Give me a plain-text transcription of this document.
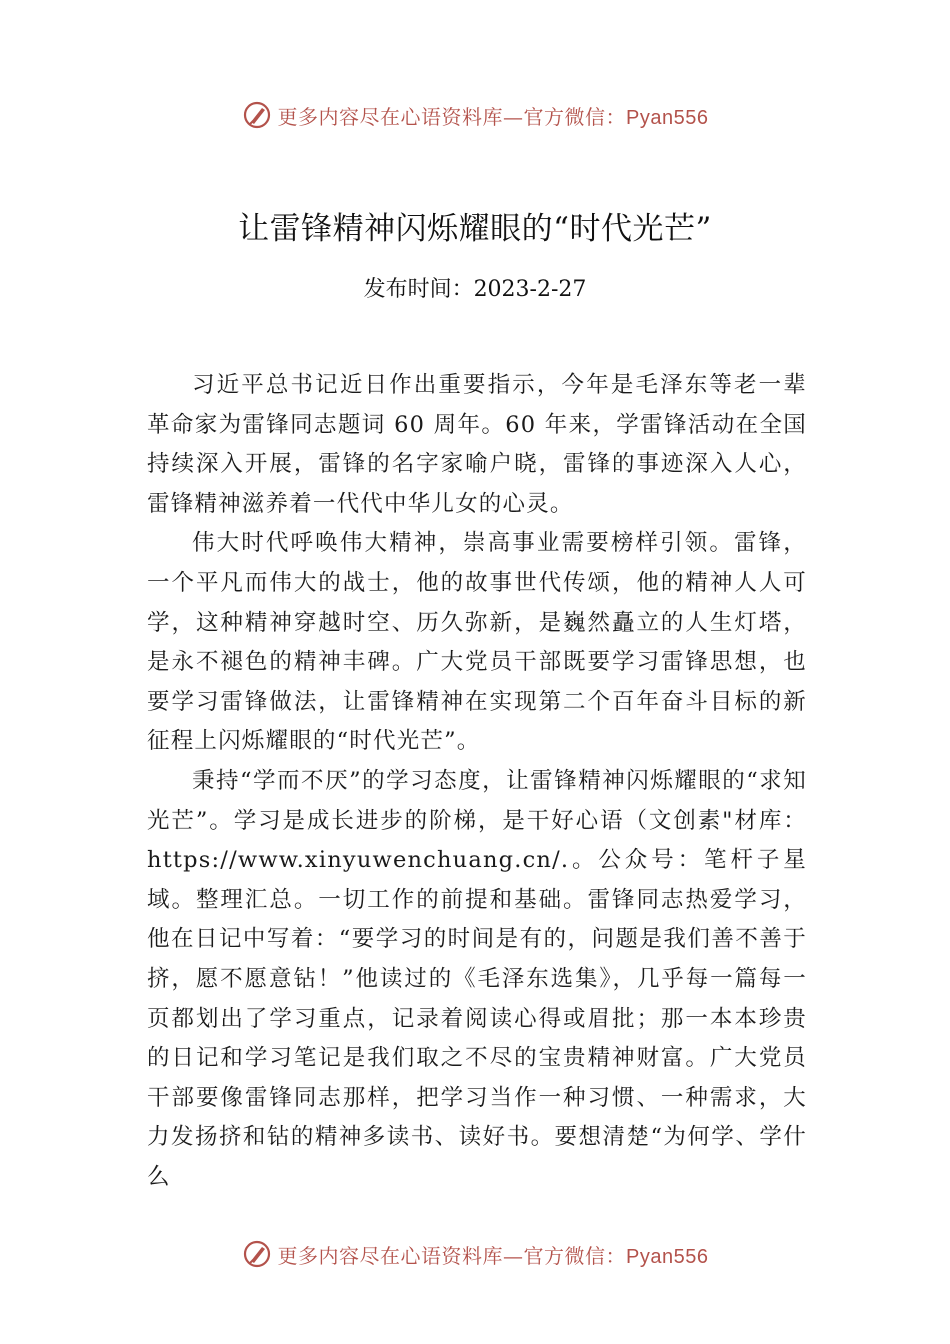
更多内容尽在心语资料库—官方微信：Pyan556
让雷锋精神闪烁耀眼的“时代光芒”
发布时间：2023-2-27

习近平总书记近日作出重要指示，今年是毛泽东等老一辈革命家为雷锋同志题词 60 周年。60 年来，学雷锋活动在全国持续深入开展，雷锋的名字家喻户晓，雷锋的事迹深入人心，雷锋精神滋养着一代代中华儿女的心灵。

伟大时代呼唤伟大精神，崇高事业需要榜样引领。雷锋，一个平凡而伟大的战士，他的故事世代传颂，他的精神人人可学，这种精神穿越时空、历久弥新，是巍然矗立的人生灯塔，是永不褪色的精神丰碑。广大党员干部既要学习雷锋思想，也要学习雷锋做法，让雷锋精神在实现第二个百年奋斗目标的新征程上闪烁耀眼的“时代光芒”。

秉持“学而不厌”的学习态度，让雷锋精神闪烁耀眼的“求知光芒”。学习是成长进步的阶梯，是干好心语（文创素"材库：https://www.xinyuwenchuang.cn/.。公众号：笔杆子星域。整理汇总。一切工作的前提和基础。雷锋同志热爱学习，他在日记中写着：“要学习的时间是有的，问题是我们善不善于挤，愿不愿意钻！”他读过的《毛泽东选集》，几乎每一篇每一页都划出了学习重点，记录着阅读心得或眉批；那一本本珍贵的日记和学习笔记是我们取之不尽的宝贵精神财富。广大党员干部要像雷锋同志那样，把学习当作一种习惯、一种需求，大力发扬挤和钻的精神多读书、读好书。要想清楚“为何学、学什么

更多内容尽在心语资料库—官方微信：Pyan556
